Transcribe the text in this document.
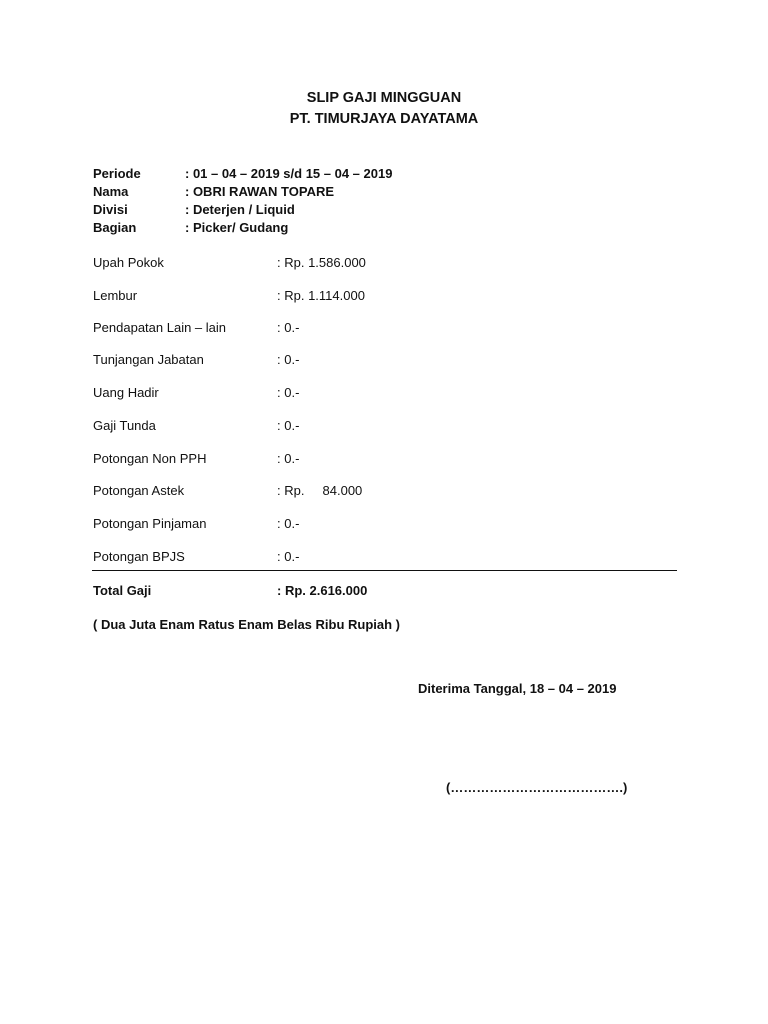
SLIP GAJI MINGGUAN
PT. TIMURJAYA DAYATAMA
Periode	: 01 – 04 – 2019 s/d 15 – 04 – 2019
Nama	: OBRI RAWAN TOPARE
Divisi	: Deterjen / Liquid
Bagian	: Picker/ Gudang
Upah Pokok	: Rp. 1.586.000
Lembur	: Rp. 1.114.000
Pendapatan Lain – lain	: 0.-
Tunjangan Jabatan	: 0.-
Uang Hadir	: 0.-
Gaji Tunda	: 0.-
Potongan Non PPH	: 0.-
Potongan Astek	: Rp.     84.000
Potongan Pinjaman	: 0.-
Potongan BPJS	: 0.-
Total Gaji	: Rp. 2.616.000
( Dua Juta Enam Ratus Enam Belas Ribu Rupiah )
Diterima Tanggal, 18 – 04 – 2019
(………………………………….)
